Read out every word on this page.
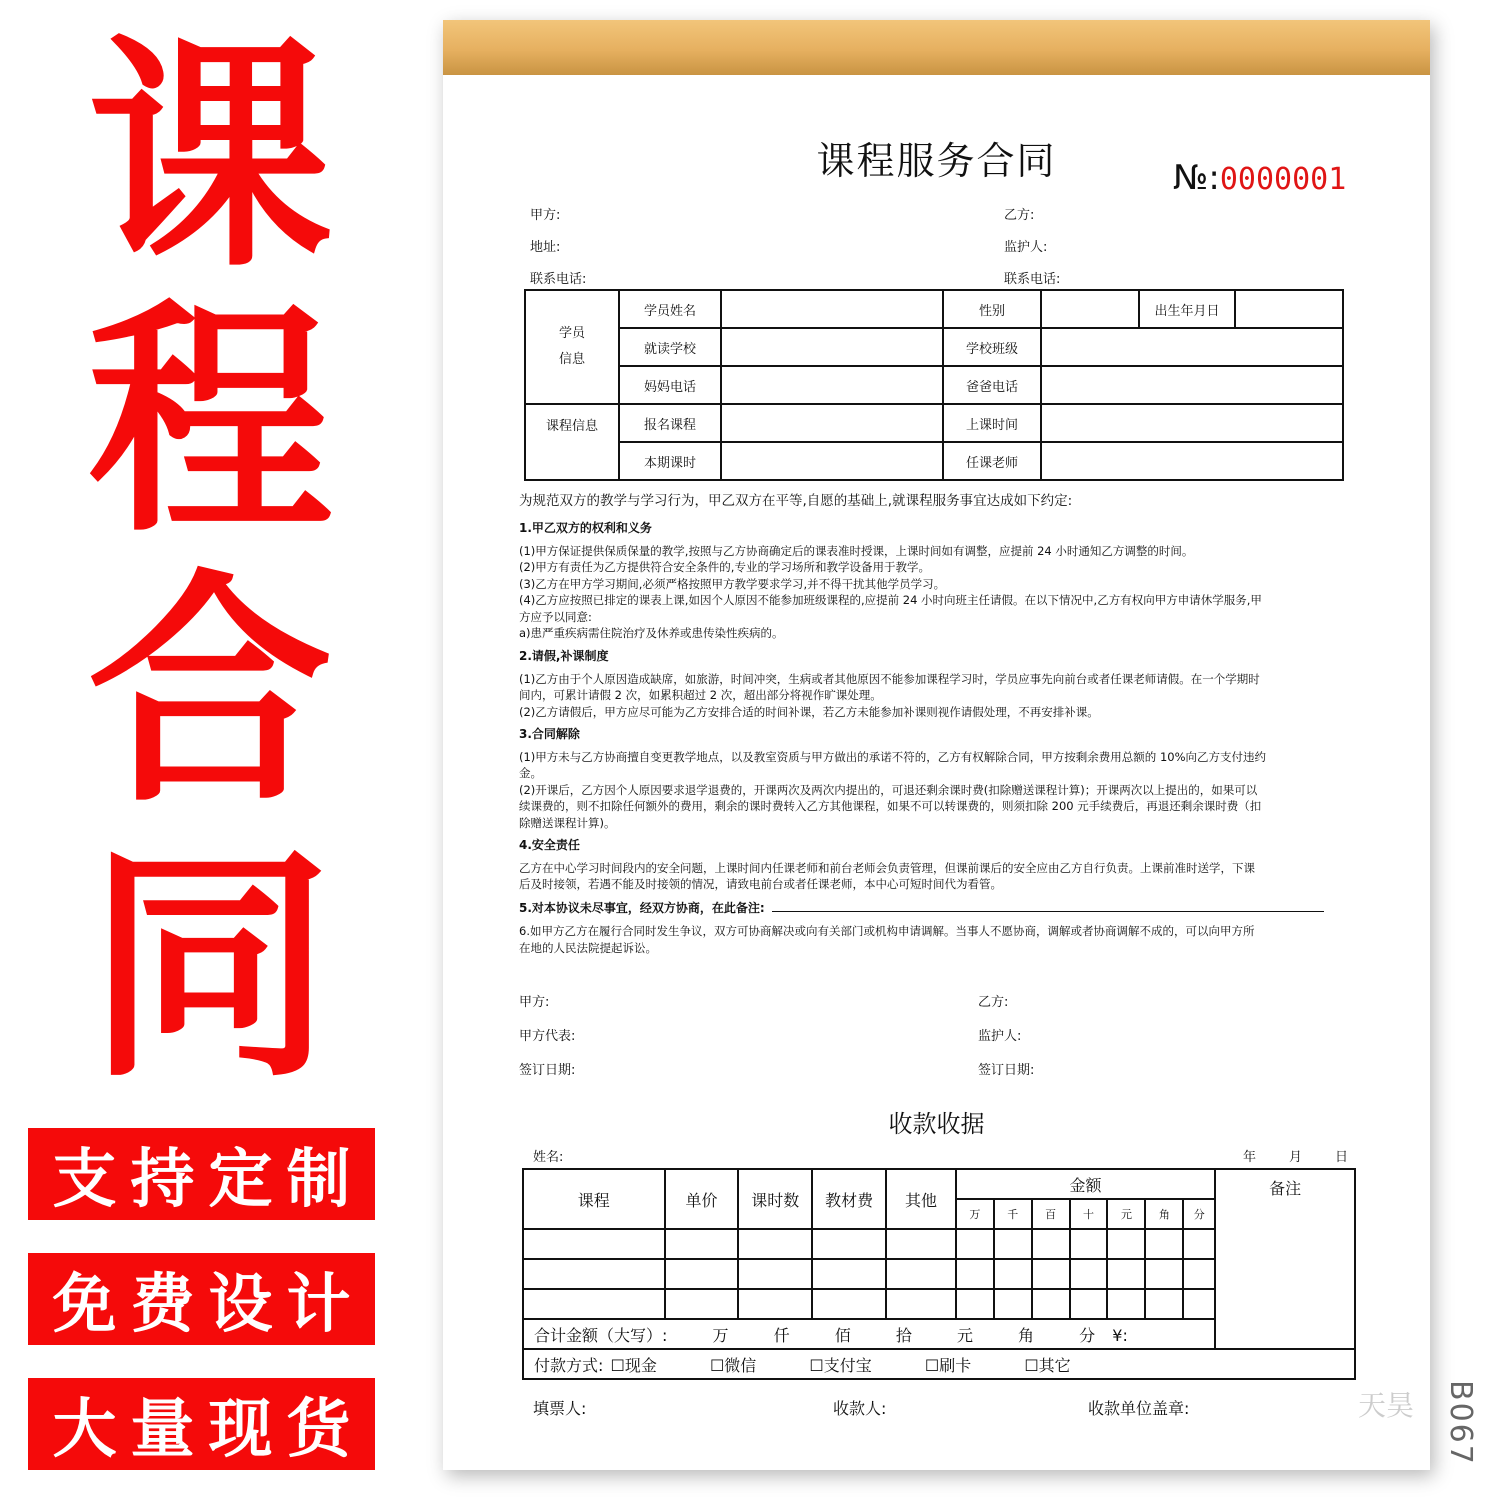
课
程
合
同
支持定制
免费设计
大量现货
课程服务合同	№:0000001
甲方:
地址:
联系电话:
乙方:
监护人:
联系电话:
学员
信息	学员姓名		性别		出生年月日	
	就读学校		学校班级			
	妈妈电话		爸爸电话			
课程信息	报名课程		上课时间			
	本期课时		任课老师			
为规范双方的教学与学习行为，甲乙双方在平等,自愿的基础上,就课程服务事宜达成如下约定:
1.甲乙双方的权利和义务
(1)甲方保证提供保质保量的教学,按照与乙方协商确定后的课表准时授课，上课时间如有调整，应提前 24 小时通知乙方调整的时间。
(2)甲方有责任为乙方提供符合安全条件的,专业的学习场所和教学设备用于教学。
(3)乙方在甲方学习期间,必须严格按照甲方教学要求学习,并不得干扰其他学员学习。
(4)乙方应按照已排定的课表上课,如因个人原因不能参加班级课程的,应提前 24 小时向班主任请假。在以下情况中,乙方有权向甲方申请休学服务,甲
方应予以同意:
a)患严重疾病需住院治疗及休养或患传染性疾病的。
2.请假,补课制度
(1)乙方由于个人原因造成缺席，如旅游，时间冲突，生病或者其他原因不能参加课程学习时，学员应事先向前台或者任课老师请假。在一个学期时
间内，可累计请假 2 次，如累积超过 2 次，超出部分将视作旷课处理。
(2)乙方请假后，甲方应尽可能为乙方安排合适的时间补课，若乙方未能参加补课则视作请假处理，不再安排补课。
3.合同解除
(1)甲方未与乙方协商擅自变更教学地点，以及教室资质与甲方做出的承诺不符的，乙方有权解除合同，甲方按剩余费用总额的 10%向乙方支付违约
金。
(2)开课后，乙方因个人原因要求退学退费的，开课两次及两次内提出的，可退还剩余课时费(扣除赠送课程计算)；开课两次以上提出的，如果可以
续课费的，则不扣除任何额外的费用，剩余的课时费转入乙方其他课程，如果不可以转课费的，则须扣除 200 元手续费后，再退还剩余课时费（扣
除赠送课程计算)。
4.安全责任
乙方在中心学习时间段内的安全问题，上课时间内任课老师和前台老师会负责管理，但课前课后的安全应由乙方自行负责。上课前准时送学，下课
后及时接领，若遇不能及时接领的情况，请致电前台或者任课老师，本中心可短时间代为看管。
5.对本协议未尽事宜，经双方协商，在此备注:
6.如甲方乙方在履行合同时发生争议，双方可协商解决或向有关部门或机构申请调解。当事人不愿协商，调解或者协商调解不成的，可以向甲方所
在地的人民法院提起诉讼。
甲方:
甲方代表:
签订日期:
乙方:
监护人:
签订日期:
收款收据
姓名:	年	月	日
课程	单价	课时数	教材费	其他	金额							备注
					万	千	百	十	元	角	分	

合计金额（大写）: 万 仟 佰 拾 元 角 分 ¥:												
付款方式: ☐现金 ☐微信 ☐支付宝 ☐刷卡 ☐其它												
填票人:	收款人:	收款单位盖章:	天昊 B067
